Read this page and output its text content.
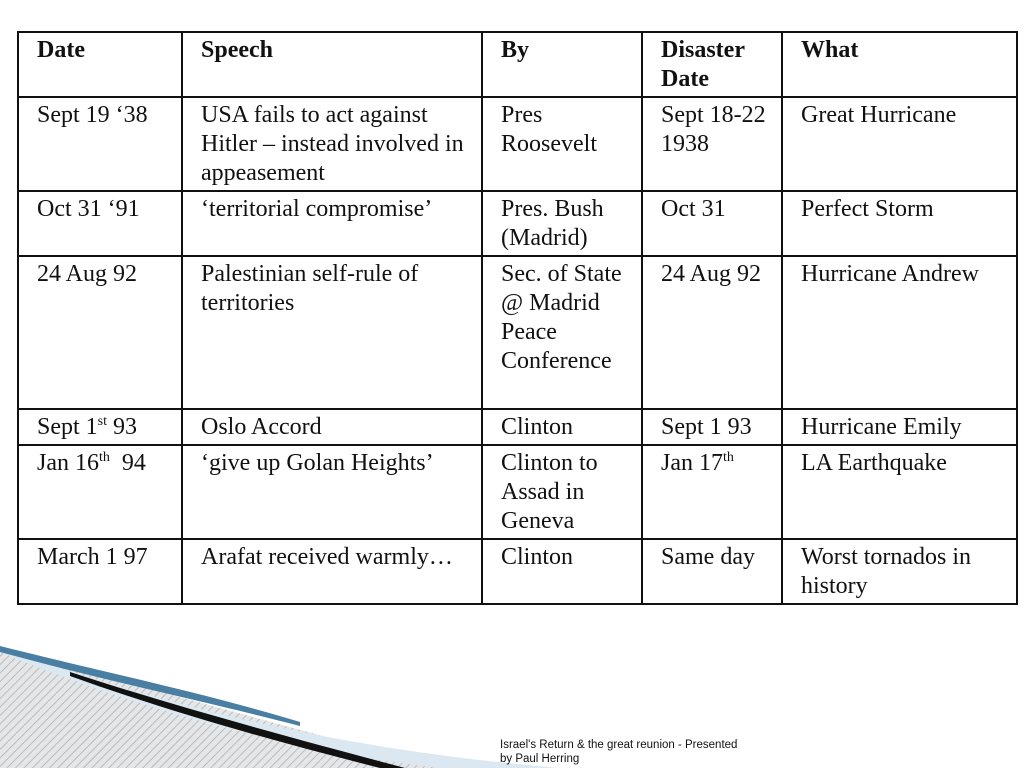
Date	Speech	By	Disaster Date	What
Sept 19 ‘38	USA fails to act against Hitler – instead involved in appeasement	Pres Roosevelt	Sept 18-22 1938	Great Hurricane
Oct 31 ‘91	‘territorial compromise’	Pres. Bush (Madrid)	Oct 31	Perfect Storm
24 Aug 92	Palestinian self-rule of territories	Sec. of State @ Madrid Peace Conference	24 Aug 92	Hurricane Andrew
Sept 1st 93	Oslo Accord	Clinton	Sept 1 93	Hurricane Emily
Jan 16th  94	‘give up Golan Heights’	Clinton to Assad in Geneva	Jan 17th	LA Earthquake
March 1 97	Arafat received warmly…	Clinton	Same day	Worst tornados in history
Israel's Return & the great reunion - Presented by Paul Herring
